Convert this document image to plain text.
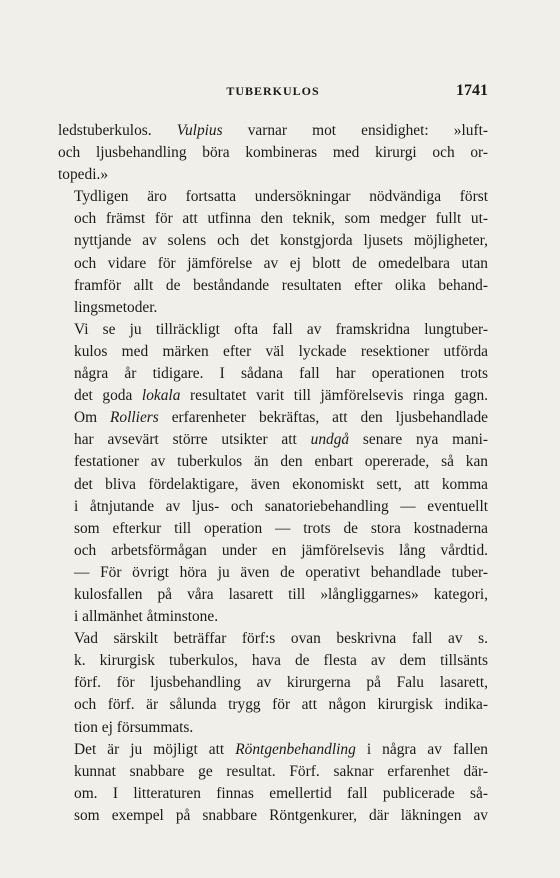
TUBERKULOS	1741

ledstuberkulos. Vulpius varnar mot ensidighet: »luft-
och ljusbehandling böra kombineras med kirurgi och or-
topedi.»

Tydligen äro fortsatta undersökningar nödvändiga först
och främst för att utfinna den teknik, som medger fullt ut-
nyttjande av solens och det konstgjorda ljusets möjligheter,
och vidare för jämförelse av ej blott de omedelbara utan
framför allt de beståndande resultaten efter olika behand-
lingsmetoder.

Vi se ju tillräckligt ofta fall av framskridna lungtuber-
kulos med märken efter väl lyckade resektioner utförda
några år tidigare. I sådana fall har operationen trots
det goda lokala resultatet varit till jämförelsevis ringa gagn.
Om Rolliers erfarenheter bekräftas, att den ljusbehandlade
har avsevärt större utsikter att undgå senare nya mani-
festationer av tuberkulos än den enbart opererade, så kan
det bliva fördelaktigare, även ekonomiskt sett, att komma
i åtnjutande av ljus- och sanatoriebehandling — eventuellt
som efterkur till operation — trots de stora kostnaderna
och arbetsförmågan under en jämförelsevis lång vårdtid.
— För övrigt höra ju även de operativt behandlade tuber-
kulosfallen på våra lasarett till »långliggarnes» kategori,
i allmänhet åtminstone.

Vad särskilt beträffar förf:s ovan beskrivna fall av s.
k. kirurgisk tuberkulos, hava de flesta av dem tillsänts
förf. för ljusbehandling av kirurgerna på Falu lasarett,
och förf. är sålunda trygg för att någon kirurgisk indika-
tion ej försummats.

Det är ju möjligt att Röntgenbehandling i några av fallen
kunnat snabbare ge resultat. Förf. saknar erfarenhet där-
om. I litteraturen finnas emellertid fall publicerade så-
som exempel på snabbare Röntgenkurer, där läkningen av
